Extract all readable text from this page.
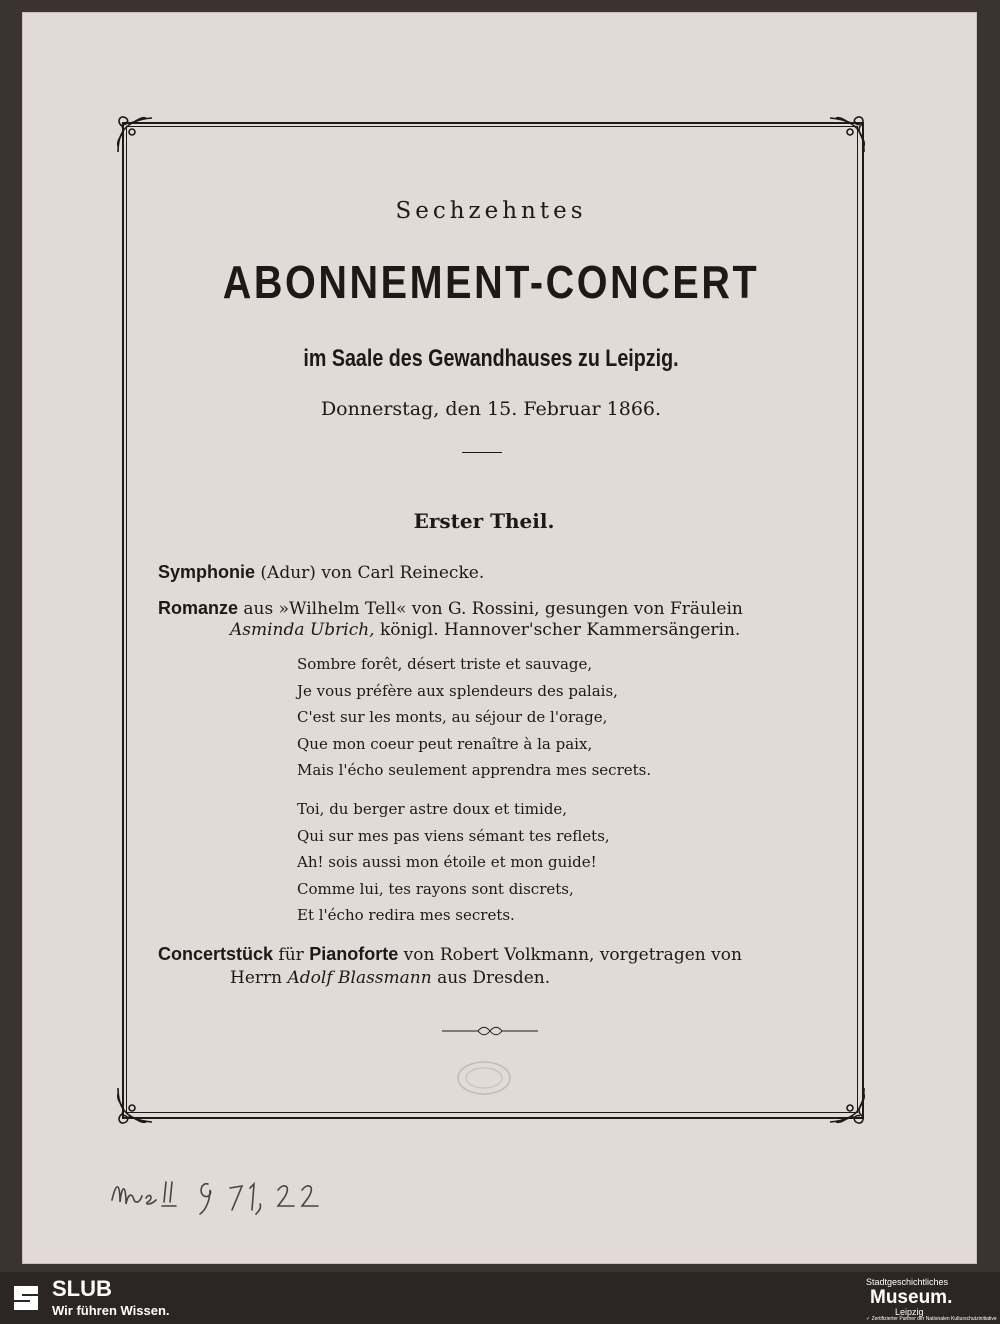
Sechzehntes
ABONNEMENT-CONCERT
im Saale des Gewandhauses zu Leipzig.
Donnerstag, den 15. Februar 1866.
Erster Theil.
Symphonie (Adur) von Carl Reinecke.
Romanze aus »Wilhelm Tell« von G. Rossini, gesungen von Fräulein
Asminda Ubrich, königl. Hannover'scher Kammersängerin.
Sombre forêt, désert triste et sauvage,
Je vous préfère aux splendeurs des palais,
C'est sur les monts, au séjour de l'orage,
Que mon coeur peut renaître à la paix,
Mais l'écho seulement apprendra mes secrets.
Toi, du berger astre doux et timide,
Qui sur mes pas viens sémant tes reflets,
Ah! sois aussi mon étoile et mon guide!
Comme lui, tes rayons sont discrets,
Et l'écho redira mes secrets.
Concertstück für Pianoforte von Robert Volkmann, vorgetragen von
Herrn Adolf Blassmann aus Dresden.
SLUB
Wir führen Wissen.
Stadtgeschichtliches
Museum.
Leipzig
✓ Zertifizierter Partner der Nationalen Kulturschutzinitiative
